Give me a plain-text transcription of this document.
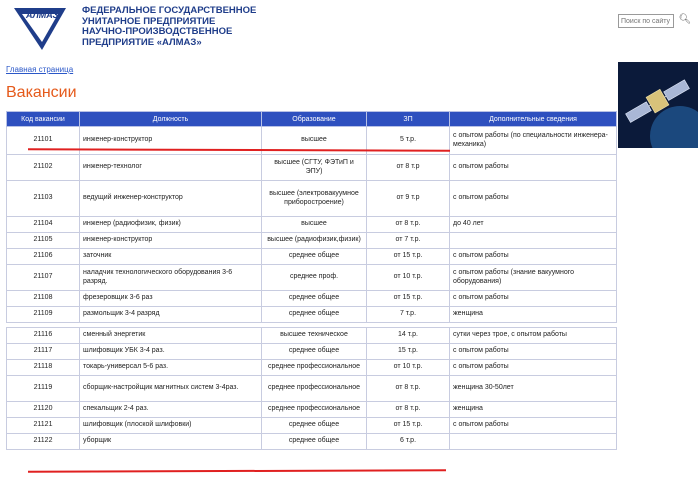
АЛМАЗ	ФЕДЕРАЛЬНОЕ ГОСУДАРСТВЕННОЕ
УНИТАРНОЕ ПРЕДПРИЯТИЕ
НАУЧНО-ПРОИЗВОДСТВЕННОЕ
ПРЕДПРИЯТИЕ «АЛМАЗ»
Поиск по сайту
🔍︎
Главная страница
Вакансии
Код вакансии	Должность	Образование	ЗП	Дополнительные сведения
21101	инженер-конструктор	высшее	5 т.р.	с опытом работы (по специальности инженера-механика)
21102	инженер-технолог	высшее (СГТУ, ФЭТиП и ЭПУ)	от 8 т.р	с опытом работы
21103	ведущий инженер-конструктор	высшее (электровакуумное приборостроение)	от 9 т.р	с опытом работы
21104	инженер (радиофизик, физик)	высшее	от 8 т.р.	до 40 лет
21105	инженер-конструктор	высшее (радиофизик,физик)	от 7 т.р.	
21106	заточник	среднее общее	от 15 т.р.	с опытом работы
21107	наладчик технологического оборудования 3-6 разряд.	среднее проф.	от 10 т.р.	с опытом работы (знание вакуумного оборудования)
21108	фрезеровщик 3-6 раз	среднее общее	от 15 т.р.	с опытом работы
21109	размольщик 3-4 разряд	среднее общее	7 т.р.	женщина

21116	сменный энергетик	высшее техническое	14 т.р.	сутки через трое, с опытом работы
21117	шлифовщик УБК 3-4 раз.	среднее общее	15 т.р.	с опытом работы
21118	токарь-универсал 5-6 раз.	среднее профессиональное	от 10 т.р.	с опытом работы
21119	сборщик-настройщик магнитных систем 3-4раз.	среднее профессиональное	от 8 т.р.	женщина 30-50лет
21120	спекальщик 2-4 раз.	среднее профессиональное	от 8 т.р.	женщина
21121	шлифовщик (плоской шлифовки)	среднее общее	от 15 т.р.	с опытом работы
21122	уборщик	среднее общее	6 т.р.	
